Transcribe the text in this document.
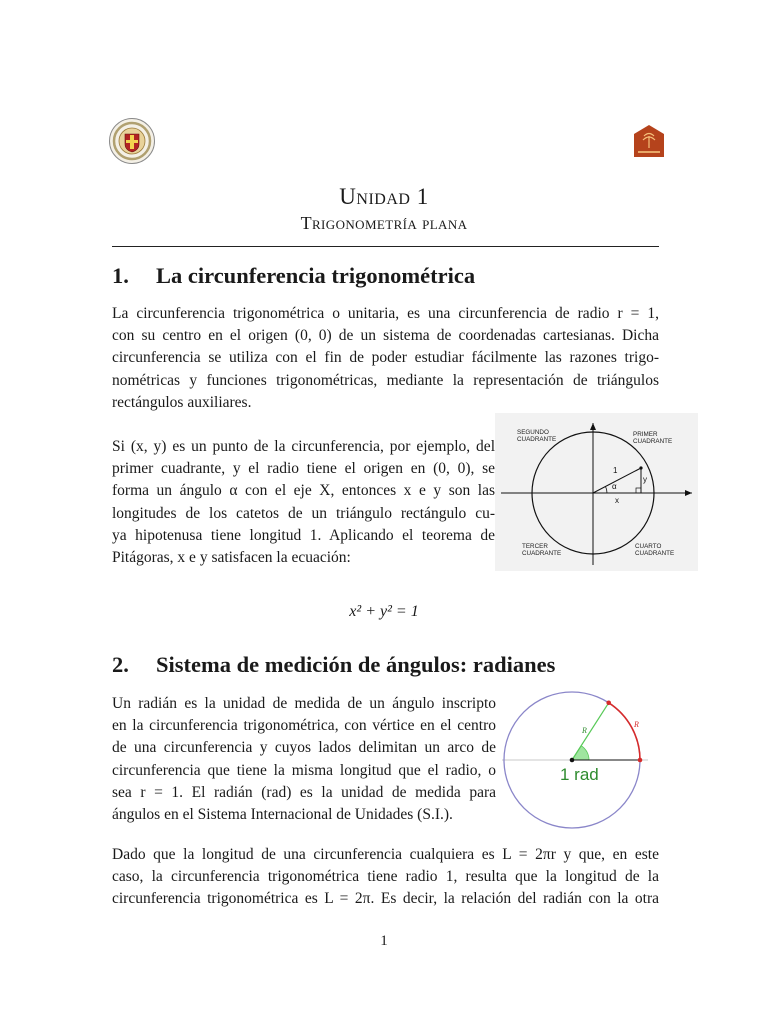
Unidad 1
Trigonometría plana
1. La circunferencia trigonométrica

La circunferencia trigonométrica o unitaria, es una circunferencia de radio r = 1,
con su centro en el origen (0, 0) de un sistema de coordenadas cartesianas. Dicha
circunferencia se utiliza con el fin de poder estudiar fácilmente las razones trigo-
nométricas y funciones trigonométricas, mediante la representación de triángulos
rectángulos auxiliares.

Si (x, y) es un punto de la circunferencia, por ejemplo, del
primer cuadrante, y el radio tiene el origen en (0, 0), se
forma un ángulo α con el eje X, entonces x e y son las
longitudes de los catetos de un triángulo rectángulo cu-
ya hipotenusa tiene longitud 1. Aplicando el teorema de
Pitágoras, x e y satisfacen la ecuación:

SEGUNDO
CUADRANTE
PRIMER
CUADRANTE
TERCER
CUADRANTE
CUARTO
CUADRANTE
1
α
x
y
x² + y² = 1
2. Sistema de medición de ángulos: radianes

Un radián es la unidad de medida de un ángulo inscripto
en la circunferencia trigonométrica, con vértice en el centro
de una circunferencia y cuyos lados delimitan un arco de
circunferencia que tiene la misma longitud que el radio, o
sea r = 1. El radián (rad) es la unidad de medida para
ángulos en el Sistema Internacional de Unidades (S.I.).

R
R
1 rad

Dado que la longitud de una circunferencia cualquiera es L = 2πr y que, en este
caso, la circunferencia trigonométrica tiene radio 1, resulta que la longitud de la
circunferencia trigonométrica es L = 2π. Es decir, la relación del radián con la otra

1
